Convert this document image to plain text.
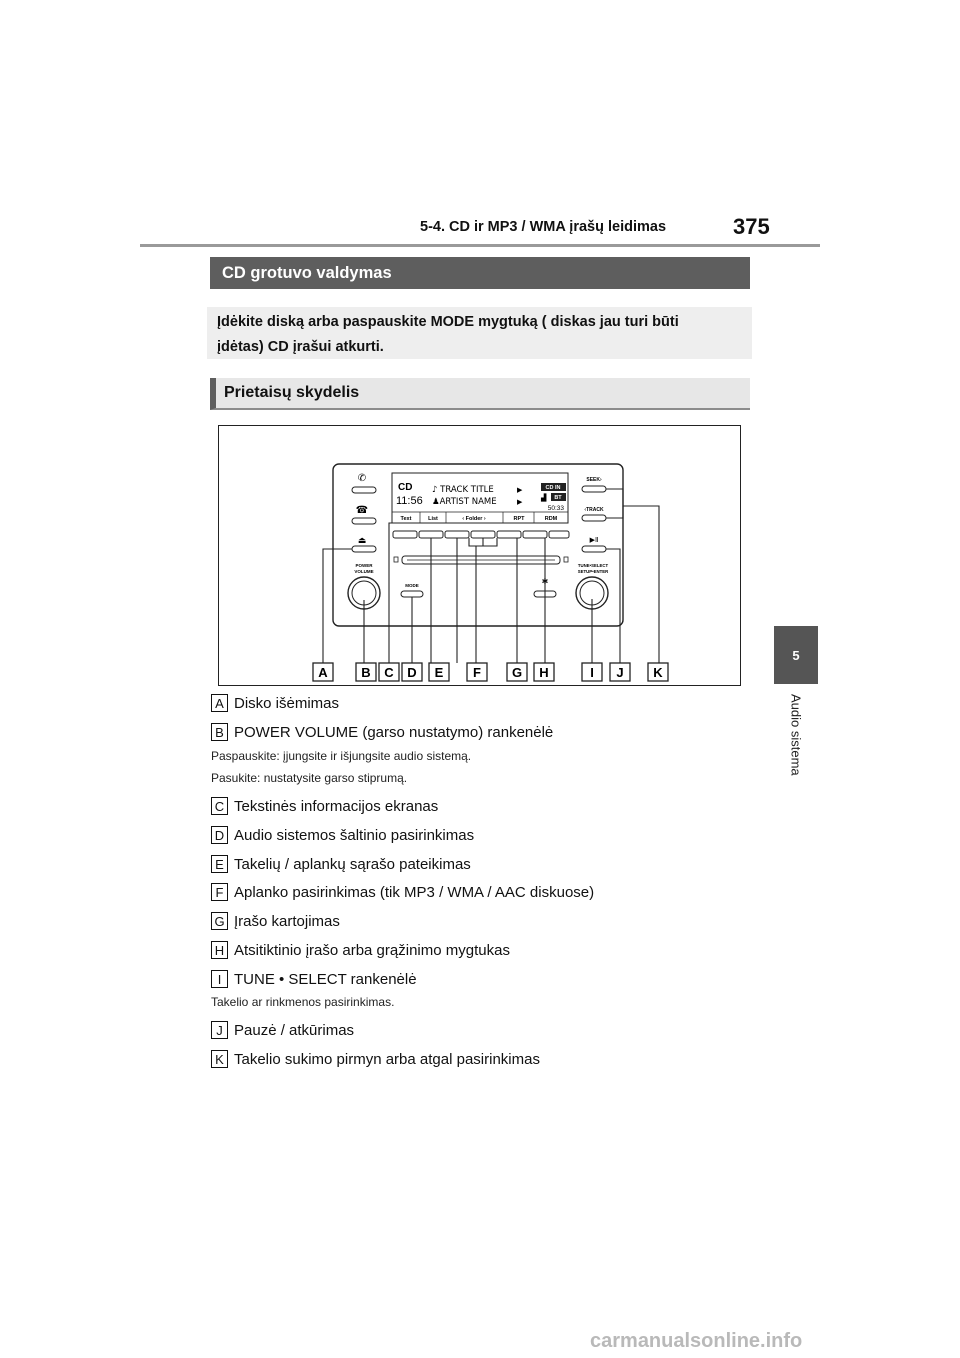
5-4. CD ir MP3 / WMA įrašų leidimas	375
5
Audio sistema
CD grotuvo valdymas
Įdėkite diską arba paspauskite MODE mygtuką ( diskas jau turi būti
įdėtas) CD įrašui atkurti.
Prietaisų skydelis
✆
☎
⏏
POWER
VOLUME
MODE
CD
11:56
♪ TRACK TITLE
♟ARTIST NAME
▶
▶
CD IN
▟ BT
50:33
Text	List	‹ Folder ›	RPT	RDM
SEEK›
‹TRACK
▶Ⅱ
TUNE•SELECT
SETUP•ENTER
✱
A	B C D E F G H	I J K
A Disko išėmimas
B POWER VOLUME (garso nustatymo) rankenėlė
Paspauskite: įjungsite ir išjungsite audio sistemą.
Pasukite: nustatysite garso stiprumą.
C Tekstinės informacijos ekranas
D Audio sistemos šaltinio pasirinkimas
E Takelių / aplankų sąrašo pateikimas
F Aplanko pasirinkimas (tik MP3 / WMA / AAC diskuose)
G Įrašo kartojimas
H Atsitiktinio įrašo arba grąžinimo mygtukas
I TUNE • SELECT rankenėlė
Takelio ar rinkmenos pasirinkimas.
J Pauzė / atkūrimas
K Takelio sukimo pirmyn arba atgal pasirinkimas
carmanualsonline.info
